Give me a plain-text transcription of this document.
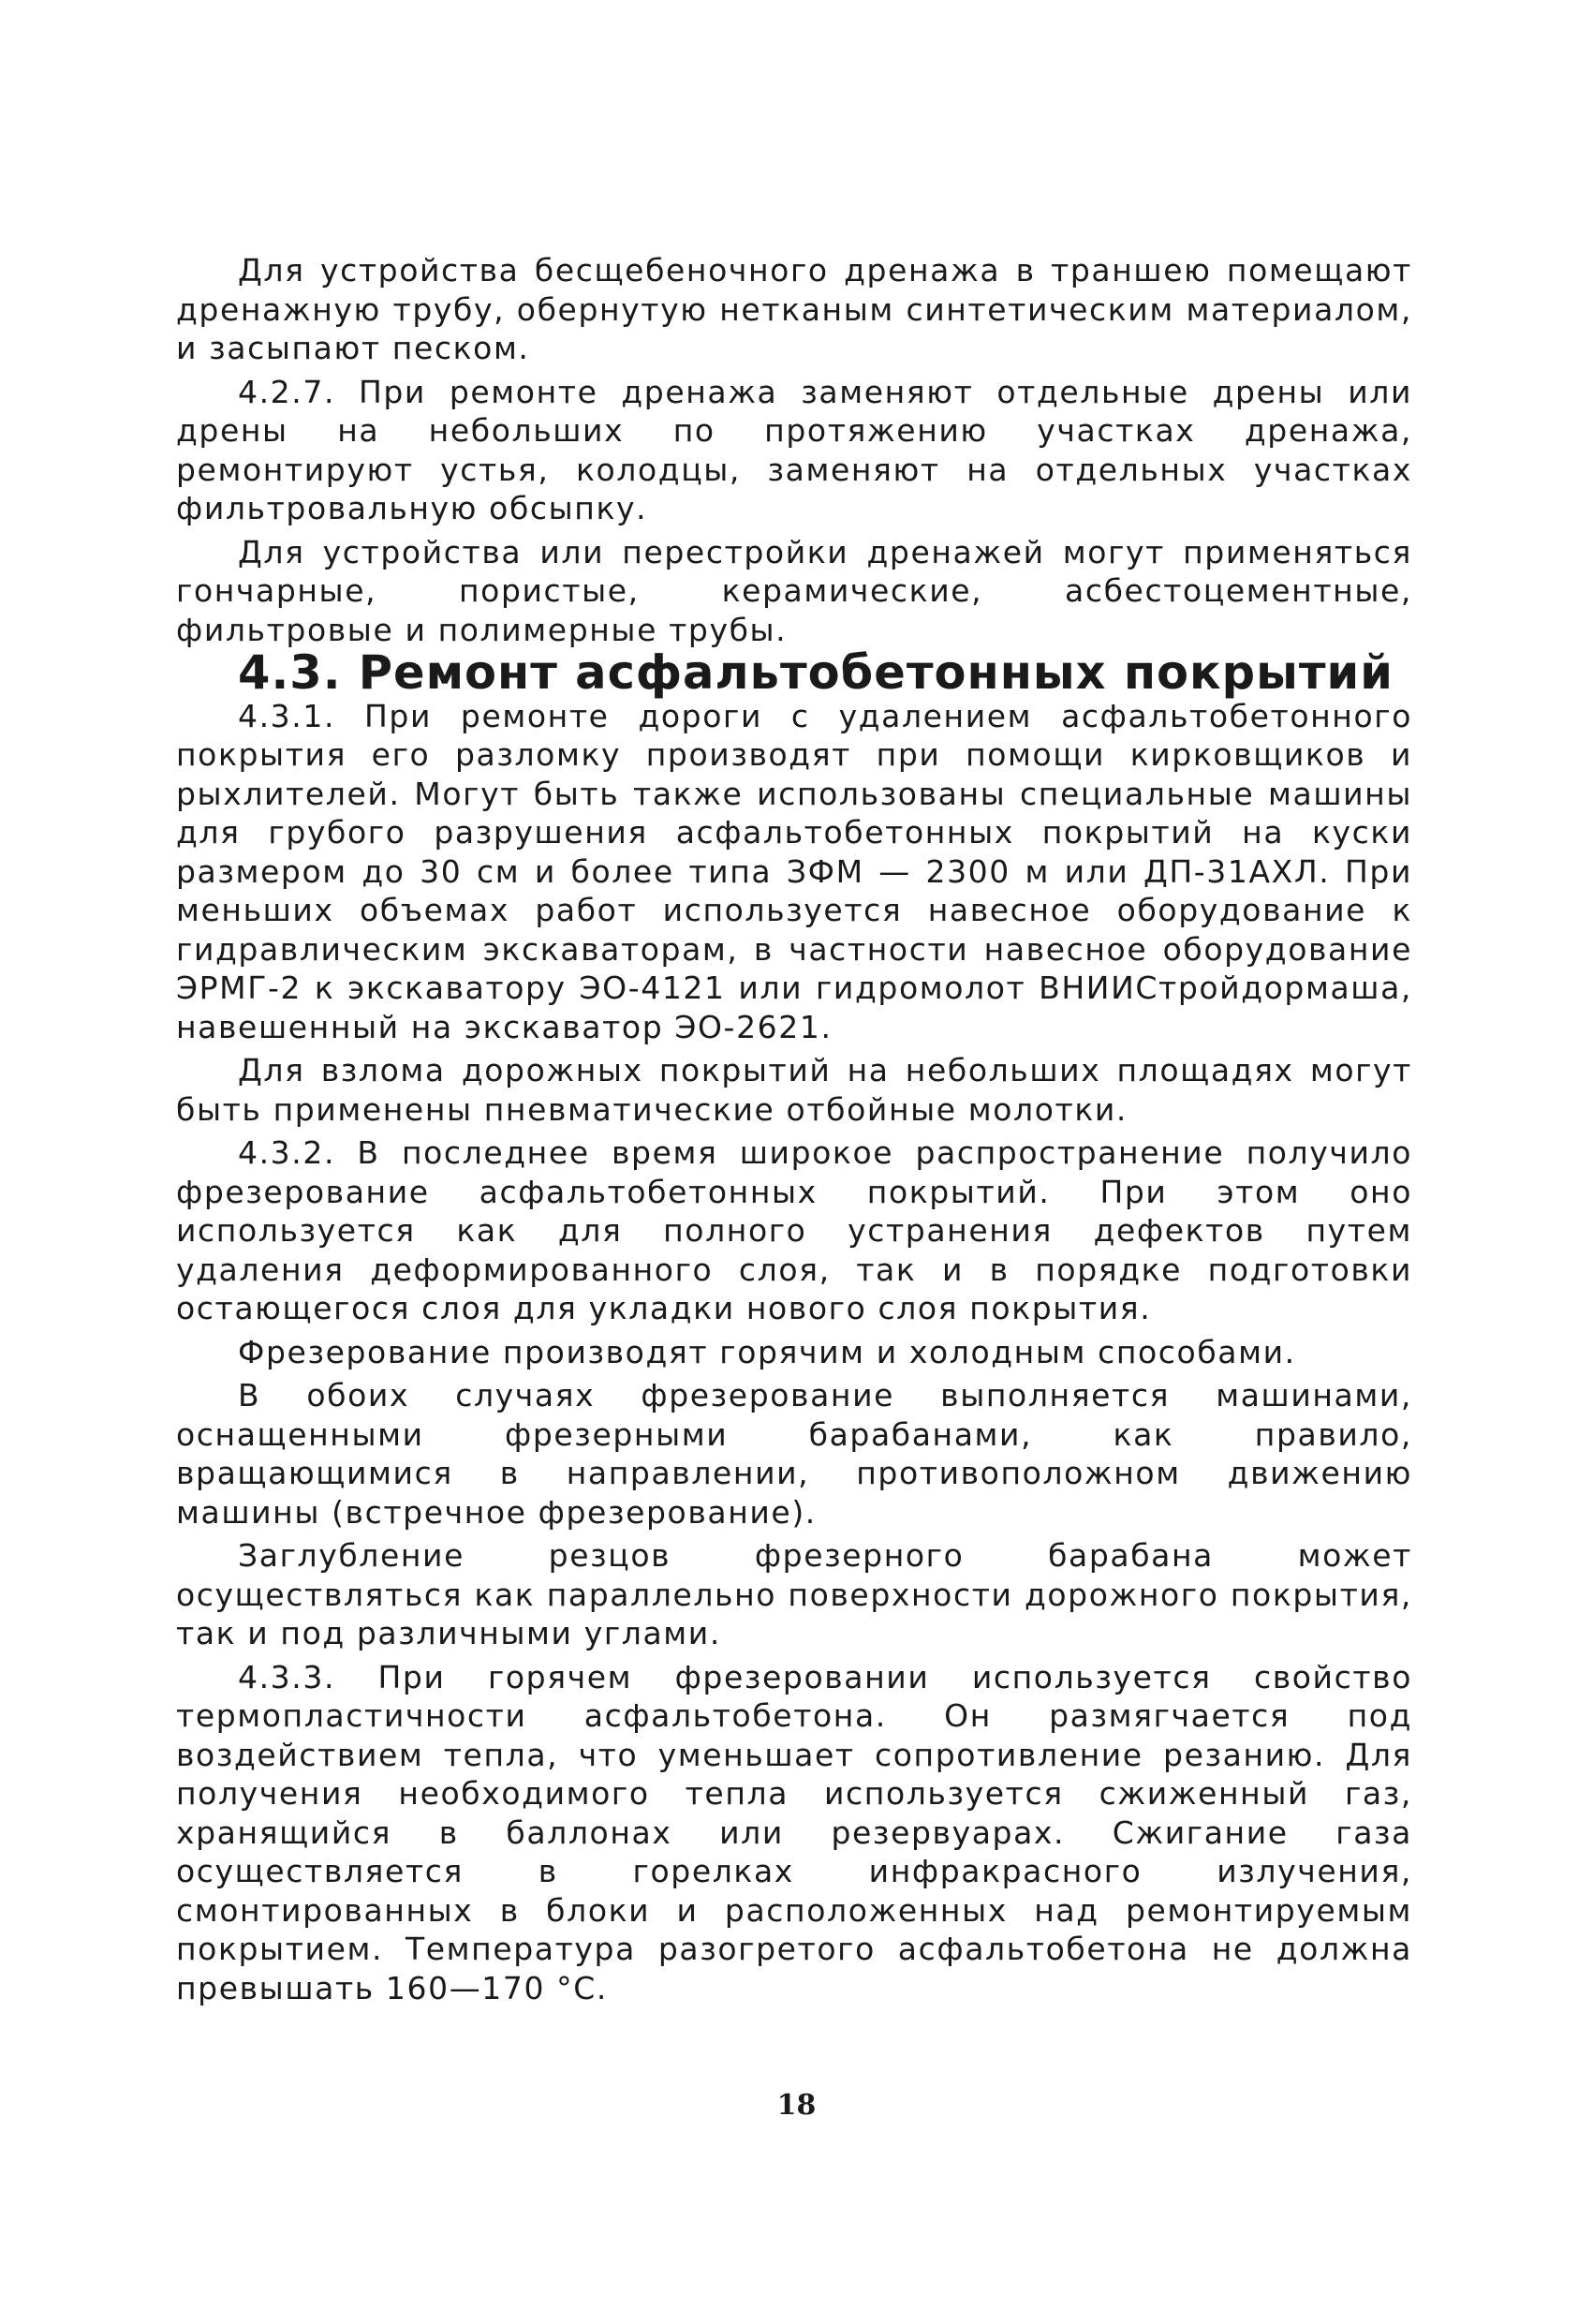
Для устройства бесщебеночного дренажа в траншею помещают дренажную трубу, обернутую нетканым синтетическим материалом, и засыпают песком.

4.2.7. При ремонте дренажа заменяют отдельные дрены или дрены на небольших по протяжению участках дренажа, ремонтируют устья, колодцы, заменяют на отдельных участках фильтровальную обсыпку.

Для устройства или перестройки дренажей могут применяться гончарные, пористые, керамические, асбестоцементные, фильтровые и полимерные трубы.

4.3. Ремонт асфальтобетонных покрытий

4.3.1. При ремонте дороги с удалением асфальтобетонного покрытия его разломку производят при помощи кирковщиков и рыхлителей. Могут быть также использованы специальные машины для грубого разрушения асфальтобетонных покрытий на куски размером до 30 см и более типа ЗФМ — 2300 м или ДП-31АХЛ. При меньших объемах работ используется навесное оборудование к гидравлическим экскаваторам, в частности навесное оборудование ЭРМГ-2 к экскаватору ЭО-4121 или гидромолот ВНИИСтройдормаша, навешенный на экскаватор ЭО-2621.

Для взлома дорожных покрытий на небольших площадях могут быть применены пневматические отбойные молотки.

4.3.2. В последнее время широкое распространение получило фрезерование асфальтобетонных покрытий. При этом оно используется как для полного устранения дефектов путем удаления деформированного слоя, так и в порядке подготовки остающегося слоя для укладки нового слоя покрытия.

Фрезерование производят горячим и холодным способами.

В обоих случаях фрезерование выполняется машинами, оснащенными фрезерными барабанами, как правило, вращающимися в направлении, противоположном движению машины (встречное фрезерование).

Заглубление резцов фрезерного барабана может осуществляться как параллельно поверхности дорожного покрытия, так и под различными углами.

4.3.3. При горячем фрезеровании используется свойство термопластичности асфальтобетона. Он размягчается под воздействием тепла, что уменьшает сопротивление резанию. Для получения необходимого тепла используется сжиженный газ, хранящийся в баллонах или резервуарах. Сжигание газа осуществляется в горелках инфракрасного излучения, смонтированных в блоки и расположенных над ремонтируемым покрытием. Температура разогретого асфальтобетона не должна превышать 160—170 °С.

18
